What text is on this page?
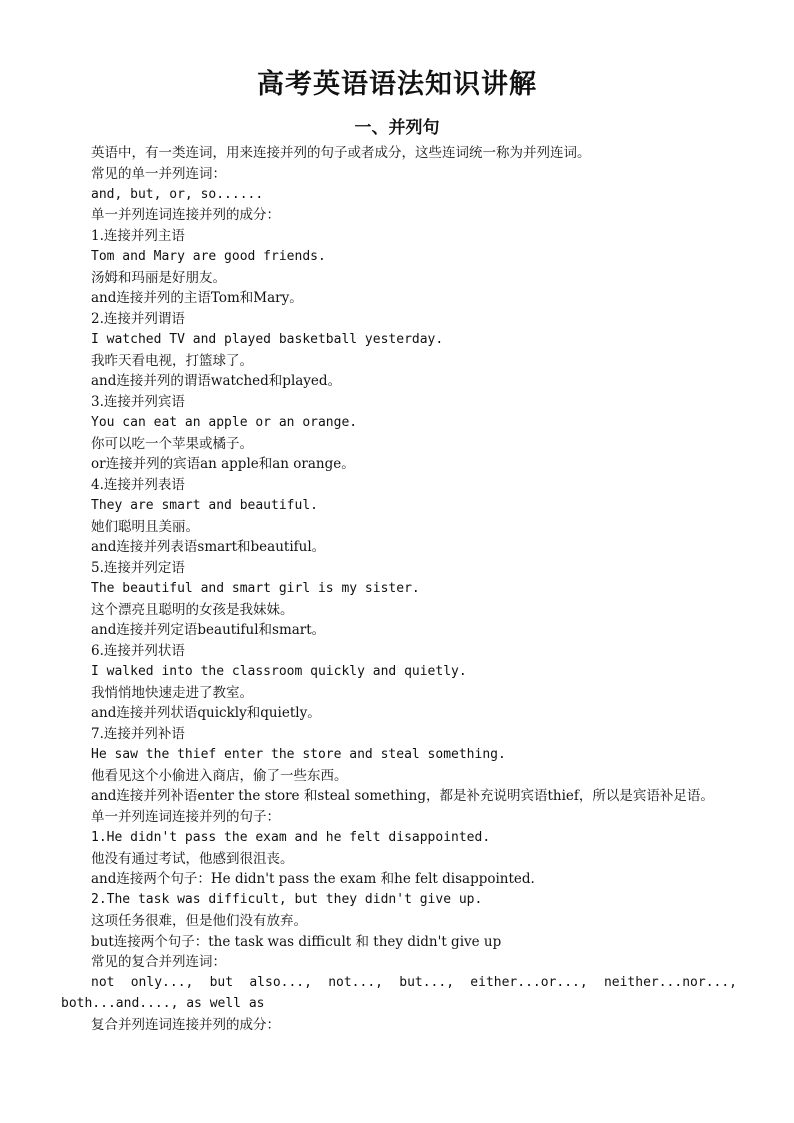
高考英语语法知识讲解
一、并列句
英语中，有一类连词，用来连接并列的句子或者成分，这些连词统一称为并列连词。
常见的单一并列连词：
and, but, or, so......
单一并列连词连接并列的成分：
1.连接并列主语
Tom and Mary are good friends.
汤姆和玛丽是好朋友。
and连接并列的主语Tom和Mary。
2.连接并列谓语
I watched TV and played basketball yesterday.
我昨天看电视，打篮球了。
and连接并列的谓语watched和played。
3.连接并列宾语
You can eat an apple or an orange.
你可以吃一个苹果或橘子。
or连接并列的宾语an apple和an orange。
4.连接并列表语
They are smart and beautiful.
她们聪明且美丽。
and连接并列表语smart和beautiful。
5.连接并列定语
The beautiful and smart girl is my sister.
这个漂亮且聪明的女孩是我妹妹。
and连接并列定语beautiful和smart。
6.连接并列状语
I walked into the classroom quickly and quietly.
我悄悄地快速走进了教室。
and连接并列状语quickly和quietly。
7.连接并列补语
He saw the thief enter the store and steal something.
他看见这个小偷进入商店，偷了一些东西。
and连接并列补语enter the store 和steal something，都是补充说明宾语thief，所以是宾语补足语。
单一并列连词连接并列的句子：
1.He didn't pass the exam and he felt disappointed.
他没有通过考试，他感到很沮丧。
and连接两个句子：He didn't pass the exam 和he felt disappointed.
2.The task was difficult, but they didn't give up.
这项任务很难，但是他们没有放弃。
but连接两个句子：the task was difficult 和 they didn't give up
常见的复合并列连词：
not only..., but also..., not..., but..., either...or..., neither...nor..., both...and...., as well as
复合并列连词连接并列的成分：
